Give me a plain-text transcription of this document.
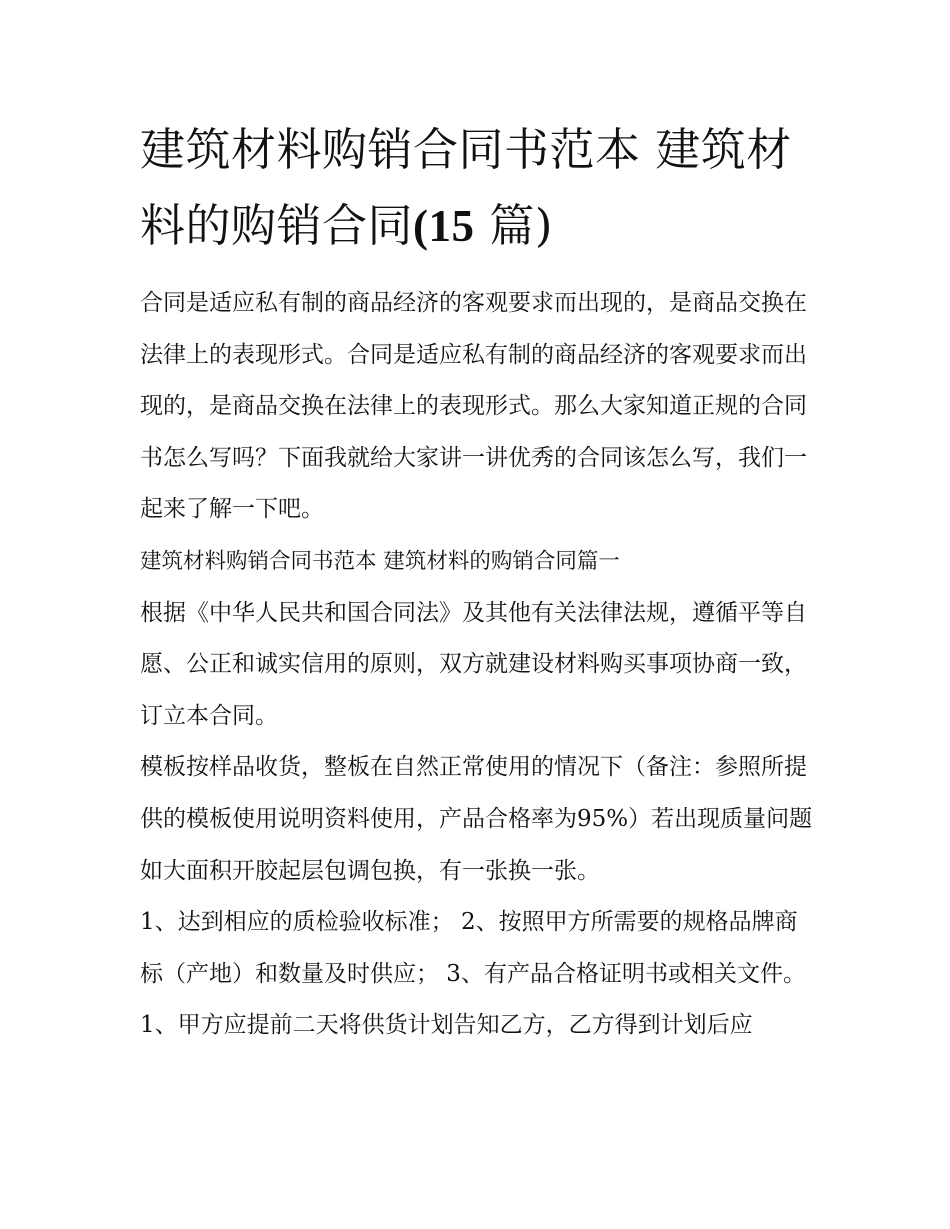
建筑材料购销合同书范本 建筑材料的购销合同(15 篇)

合同是适应私有制的商品经济的客观要求而出现的，是商品交换在法律上的表现形式。合同是适应私有制的商品经济的客观要求而出现的，是商品交换在法律上的表现形式。那么大家知道正规的合同书怎么写吗？下面我就给大家讲一讲优秀的合同该怎么写，我们一起来了解一下吧。

建筑材料购销合同书范本 建筑材料的购销合同篇一

根据《中华人民共和国合同法》及其他有关法律法规，遵循平等自愿、公正和诚实信用的原则，双方就建设材料购买事项协商一致，订立本合同。

模板按样品收货，整板在自然正常使用的情况下（备注：参照所提供的模板使用说明资料使用，产品合格率为95%）若出现质量问题如大面积开胶起层包调包换，有一张换一张。

1、达到相应的质检验收标准； 2、按照甲方所需要的规格品牌商标（产地）和数量及时供应； 3、有产品合格证明书或相关文件。

1、甲方应提前二天将供货计划告知乙方，乙方得到计划后应
